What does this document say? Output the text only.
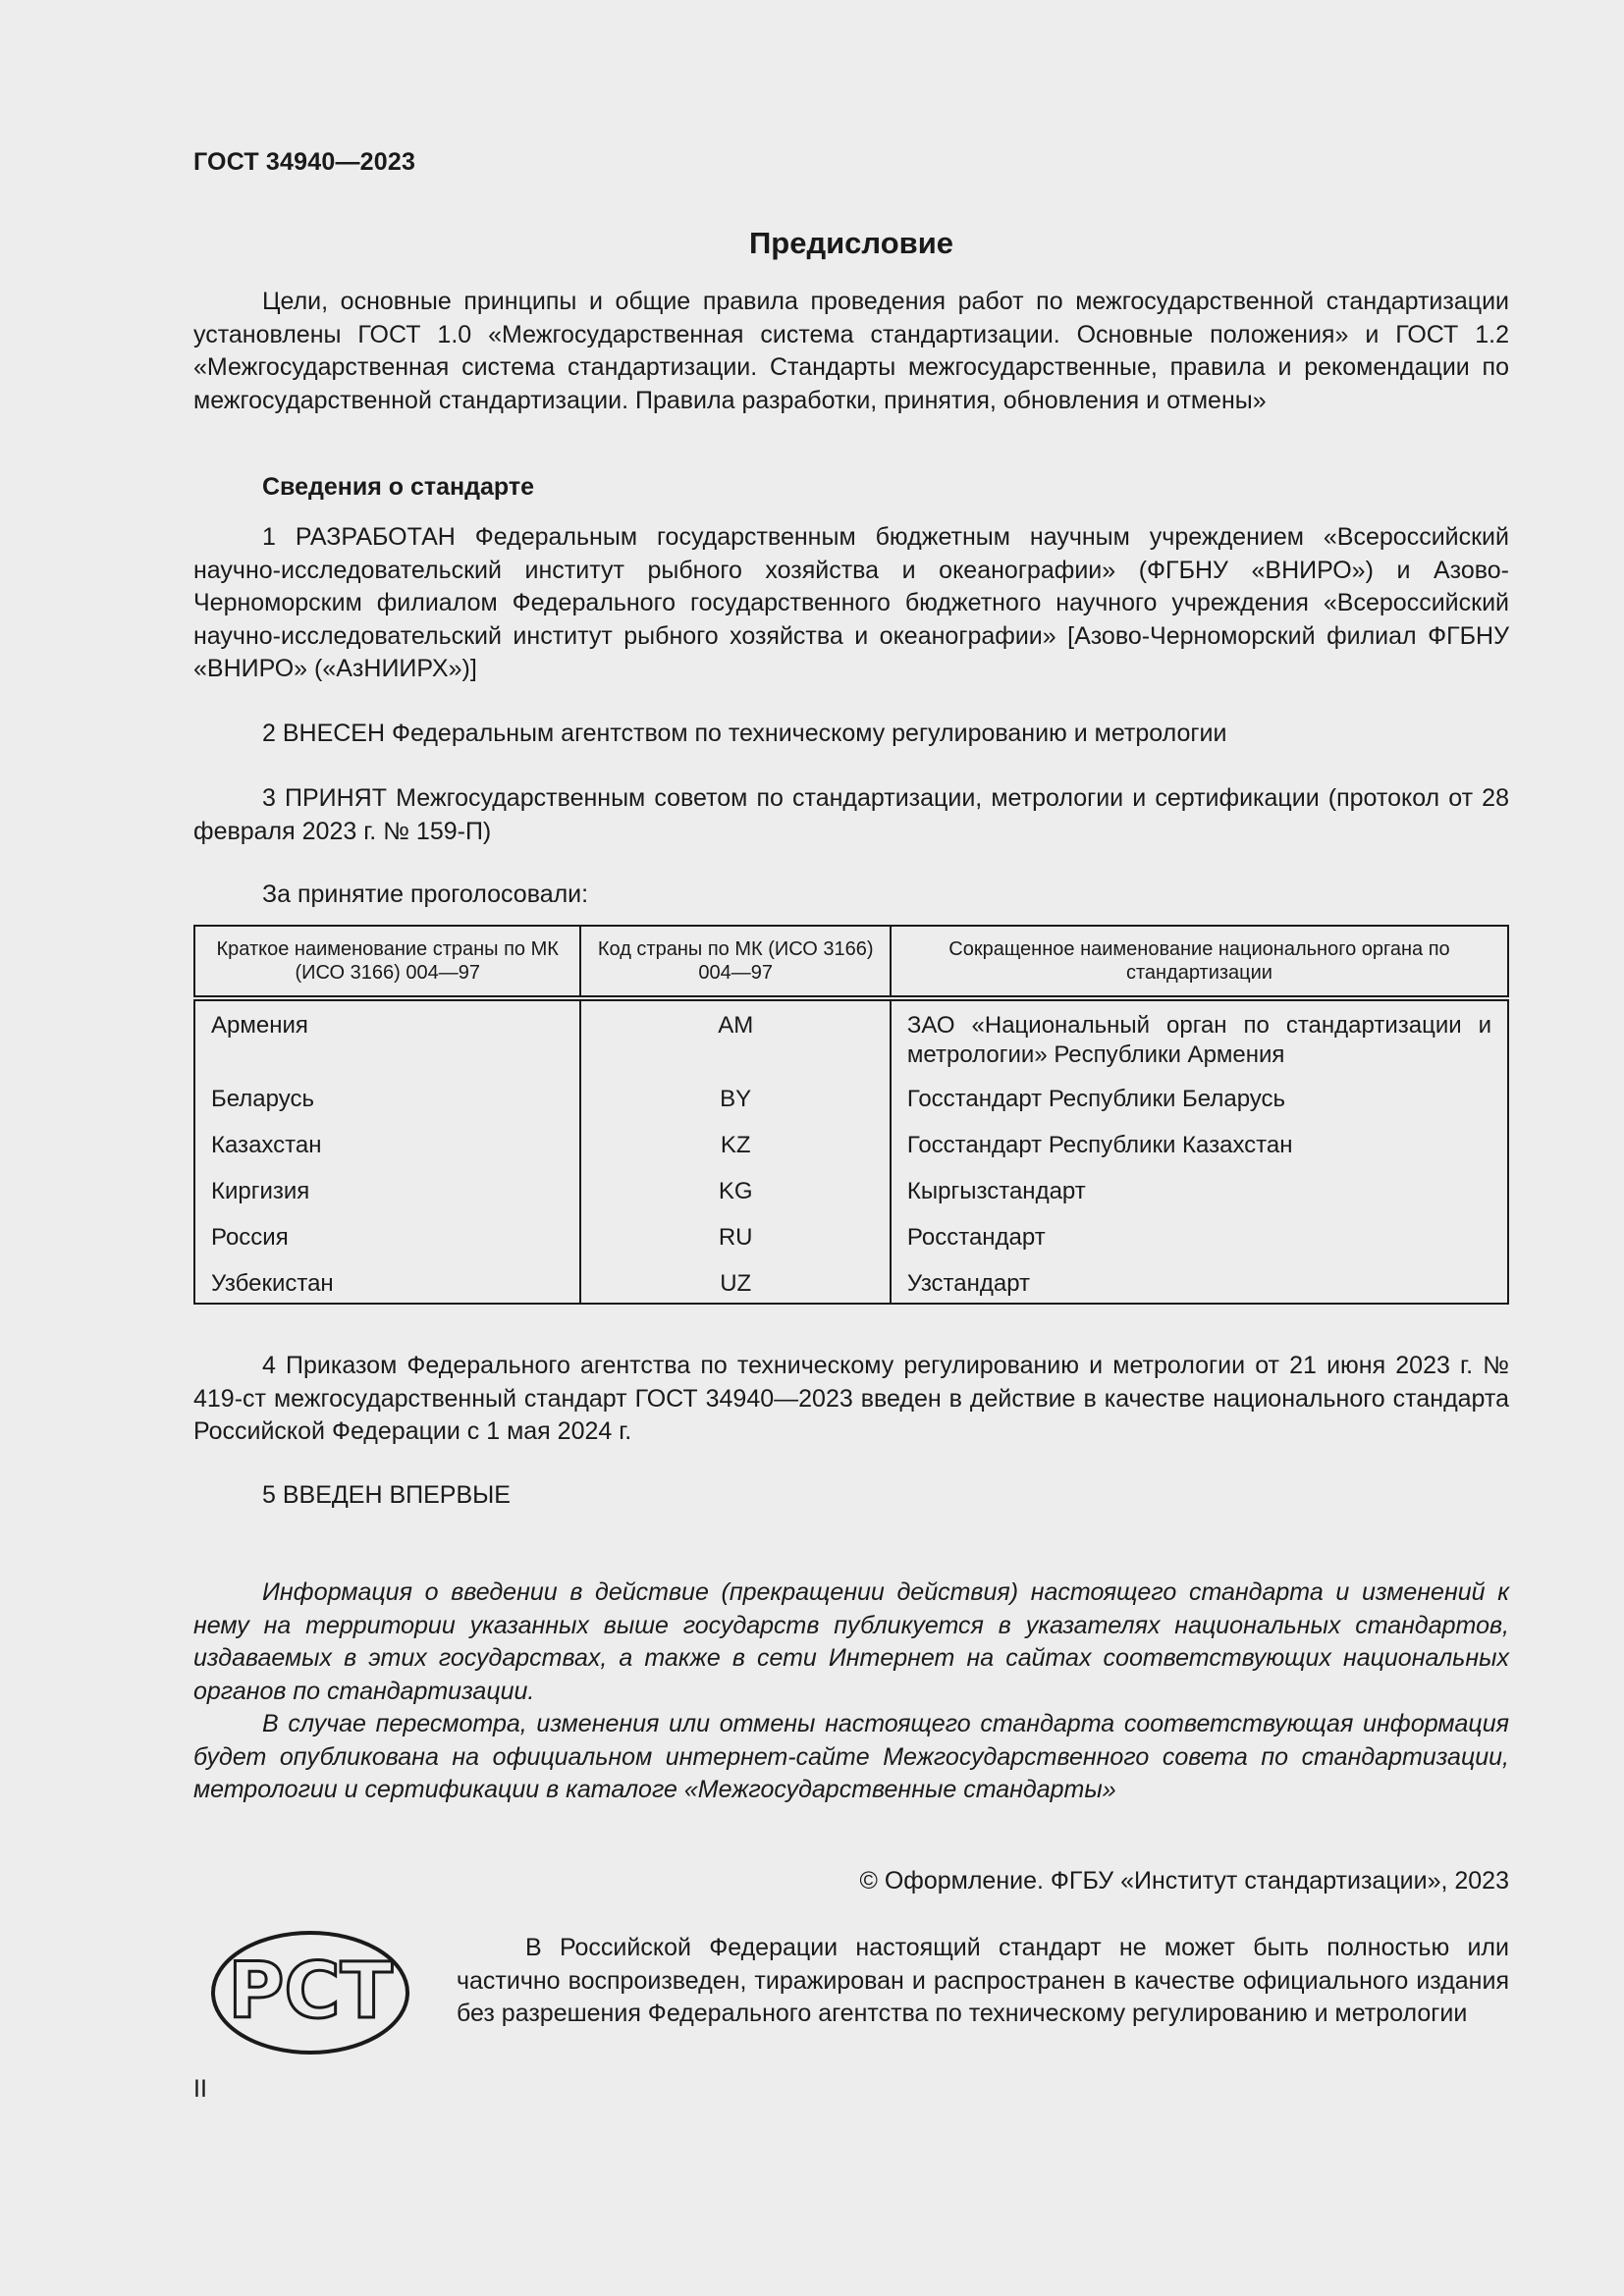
ГОСТ 34940—2023
Предисловие

Цели, основные принципы и общие правила проведения работ по межгосударственной стандартизации установлены ГОСТ 1.0 «Межгосударственная система стандартизации. Основные положения» и ГОСТ 1.2 «Межгосударственная система стандартизации. Стандарты межгосударственные, правила и рекомендации по межгосударственной стандартизации. Правила разработки, принятия, обновления и отмены»

Сведения о стандарте

1 РАЗРАБОТАН Федеральным государственным бюджетным научным учреждением «Всероссийский научно-исследовательский институт рыбного хозяйства и океанографии» (ФГБНУ «ВНИРО») и Азово-Черноморским филиалом Федерального государственного бюджетного научного учреждения «Всероссийский научно-исследовательский институт рыбного хозяйства и океанографии» [Азово-Черноморский филиал ФГБНУ «ВНИРО» («АзНИИРХ»)]

2 ВНЕСЕН Федеральным агентством по техническому регулированию и метрологии

3 ПРИНЯТ Межгосударственным советом по стандартизации, метрологии и сертификации (протокол от 28 февраля 2023 г. № 159-П)

За принятие проголосовали:
Краткое наименование страны по МК (ИСО 3166) 004—97	Код страны по МК (ИСО 3166) 004—97	Сокращенное наименование национального органа по стандартизации
Армения	AM	ЗАО «Национальный орган по стандартизации и метрологии» Республики Армения
Беларусь	BY	Госстандарт Республики Беларусь
Казахстан	KZ	Госстандарт Республики Казахстан
Киргизия	KG	Кыргызстандарт
Россия	RU	Росстандарт
Узбекистан	UZ	Узстандарт

4 Приказом Федерального агентства по техническому регулированию и метрологии от 21 июня 2023 г. № 419-ст межгосударственный стандарт ГОСТ 34940—2023 введен в действие в качестве национального стандарта Российской Федерации с 1 мая 2024 г.

5 ВВЕДЕН ВПЕРВЫЕ

Информация о введении в действие (прекращении действия) настоящего стандарта и изменений к нему на территории указанных выше государств публикуется в указателях национальных стандартов, издаваемых в этих государствах, а также в сети Интернет на сайтах соответствующих национальных органов по стандартизации.

В случае пересмотра, изменения или отмены настоящего стандарта соответствующая информация будет опубликована на официальном интернет-сайте Межгосударственного совета по стандартизации, метрологии и сертификации в каталоге «Межгосударственные стандарты»

© Оформление. ФГБУ «Институт стандартизации», 2023
РСТ	В Российской Федерации настоящий стандарт не может быть полностью или частично воспроизведен, тиражирован и распространен в качестве официального издания без разрешения Федерального агентства по техническому регулированию и метрологии

II
